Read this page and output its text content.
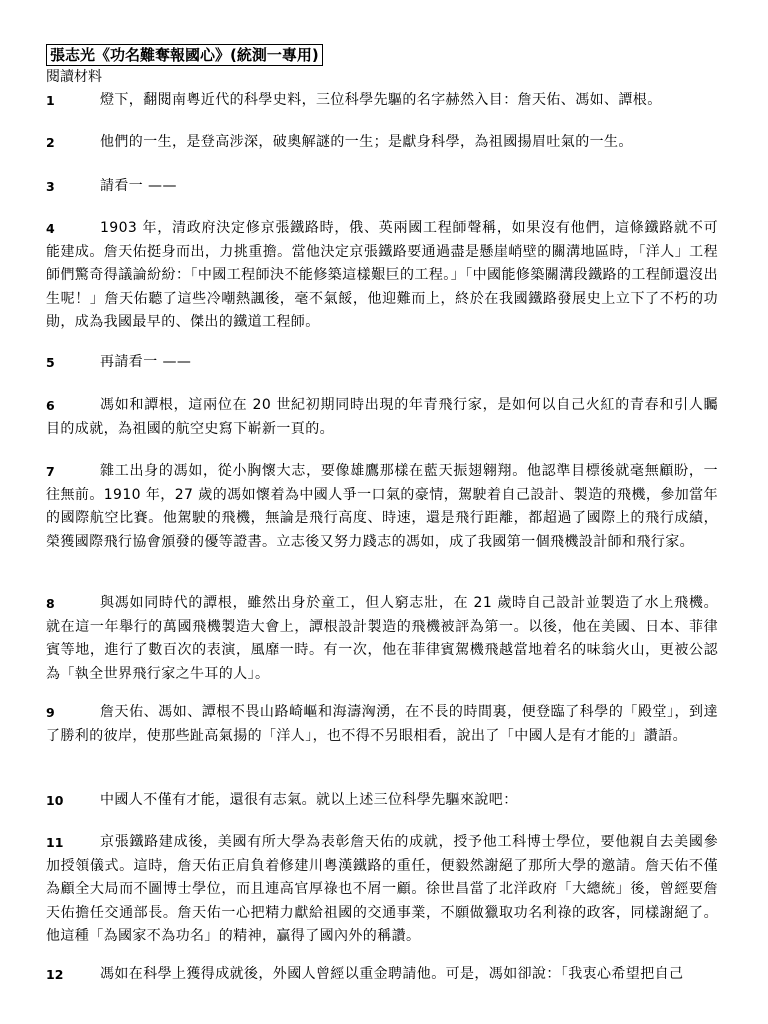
張志光《功名難奪報國心》(統測一專用)
閱讀材料
1	燈下，翻閱南粵近代的科學史料，三位科學先驅的名字赫然入目：詹天佑、馮如、譚根。
2	他們的一生，是登高涉深，破奧解謎的一生；是獻身科學，為祖國揚眉吐氣的一生。
3	請看一 ——
4	1903 年，清政府決定修京張鐵路時，俄、英兩國工程師聲稱，如果沒有他們，這條鐵路就不可能建成。詹天佑挺身而出，力挑重擔。當他決定京張鐵路要通過盡是懸崖峭壁的關溝地區時，「洋人」工程師們驚奇得議論紛紛：「中國工程師決不能修築這樣艱巨的工程。」「中國能修築關溝段鐵路的工程師還沒出生呢！」詹天佑聽了這些冷嘲熱諷後，毫不氣餒，他迎難而上，終於在我國鐵路發展史上立下了不朽的功勛，成為我國最早的、傑出的鐵道工程師。
5	再請看一 ——
6	馮如和譚根，這兩位在 20 世紀初期同時出現的年青飛行家，是如何以自己火紅的青春和引人矚目的成就，為祖國的航空史寫下嶄新一頁的。
7	雜工出身的馮如，從小胸懷大志，要像雄鷹那樣在藍天振翅翱翔。他認準目標後就毫無顧盼，一往無前。1910 年，27 歲的馮如懷着為中國人爭一口氣的豪情，駕駛着自己設計、製造的飛機，參加當年的國際航空比賽。他駕駛的飛機，無論是飛行高度、時速，還是飛行距離，都超過了國際上的飛行成績，榮獲國際飛行協會頒發的優等證書。立志後又努力踐志的馮如，成了我國第一個飛機設計師和飛行家。
8	與馮如同時代的譚根，雖然出身於童工，但人窮志壯，在 21 歲時自己設計並製造了水上飛機。就在這一年舉行的萬國飛機製造大會上，譚根設計製造的飛機被評為第一。以後，他在美國、日本、菲律賓等地，進行了數百次的表演，風靡一時。有一次，他在菲律賓駕機飛越當地着名的味翁火山，更被公認為「執全世界飛行家之牛耳的人」。
9	詹天佑、馮如、譚根不畏山路崎嶇和海濤洶湧，在不長的時間裏，便登臨了科學的「殿堂」，到達了勝利的彼岸，使那些趾高氣揚的「洋人」，也不得不另眼相看，說出了「中國人是有才能的」讚語。
10	中國人不僅有才能，還很有志氣。就以上述三位科學先驅來說吧：
11	京張鐵路建成後，美國有所大學為表彰詹天佑的成就，授予他工科博士學位，要他親自去美國參加授領儀式。這時，詹天佑正肩負着修建川粵漢鐵路的重任，便毅然謝絕了那所大學的邀請。詹天佑不僅為顧全大局而不圖博士學位，而且連高官厚祿也不屑一顧。徐世昌當了北洋政府「大總統」後，曾經要詹天佑擔任交通部長。詹天佑一心把精力獻給祖國的交通事業，不願做獵取功名利祿的政客，同樣謝絕了。他這種「為國家不為功名」的精神，贏得了國內外的稱讚。
12	馮如在科學上獲得成就後，外國人曾經以重金聘請他。可是，馮如卻說：「我衷心希望把自己
